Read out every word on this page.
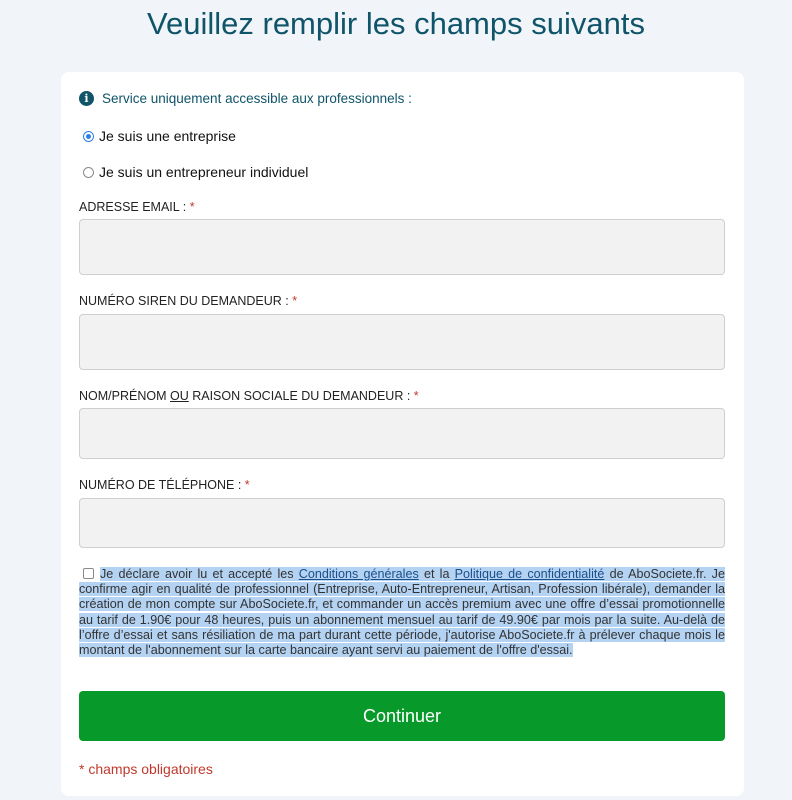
Veuillez remplir les champs suivants
i Service uniquement accessible aux professionnels :
Je suis une entreprise
Je suis un entrepreneur individuel
ADRESSE EMAIL : *
NUMÉRO SIREN DU DEMANDEUR : *
NOM/PRÉNOM OU RAISON SOCIALE DU DEMANDEUR : *
NUMÉRO DE TÉLÉPHONE : *
Je déclare avoir lu et accepté les Conditions générales et la Politique de confidentialité de AboSociete.fr. Je confirme agir en qualité de professionnel (Entreprise, Auto-Entrepreneur, Artisan, Profession libérale), demander la création de mon compte sur AboSociete.fr, et commander un accès premium avec une offre d’essai promotionnelle au tarif de 1.90€ pour 48 heures, puis un abonnement mensuel au tarif de 49.90€ par mois par la suite. Au-delà de l’offre d’essai et sans résiliation de ma part durant cette période, j'autorise AboSociete.fr à prélever chaque mois le montant de l'abonnement sur la carte bancaire ayant servi au paiement de l'offre d'essai.
Continuer
* champs obligatoires
